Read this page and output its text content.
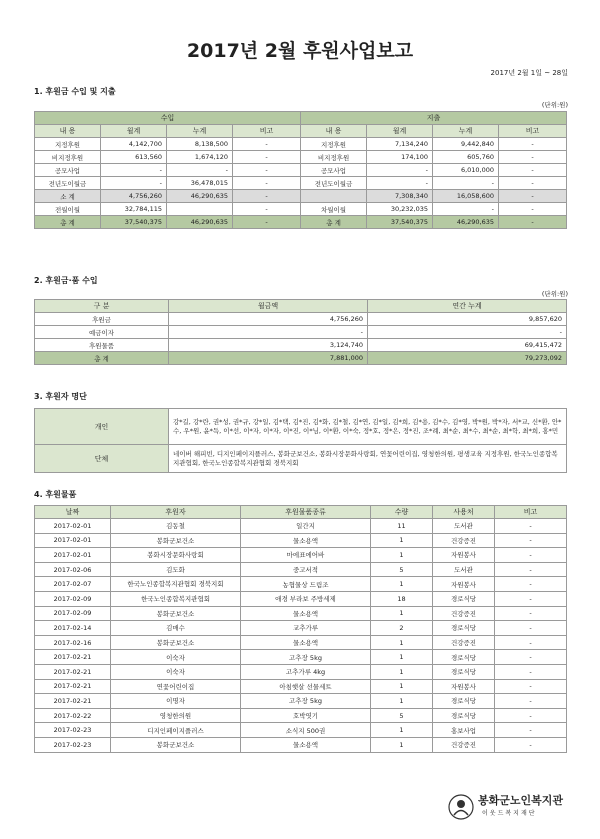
2017년 2월 후원사업보고
2017년 2월 1일 ~ 28일
1. 후원금 수입 및 지출
(단위:원)
수입				지출			
내 용	월계	누계	비고	내 용	월계	누계	비고
지정후원	4,142,700	8,138,500	-	지정후원	7,134,240	9,442,840	-
비지정후원	613,560	1,674,120	-	비지정후원	174,100	605,760	-
공모사업	-	-	-	공모사업	-	6,010,000	-
전년도이월금	-	36,478,015	-	전년도이월금	-	-	-
소 계	4,756,260	46,290,635	-		7,308,340	16,058,600	-
전월이월	32,784,115		-	차월이월	30,232,035	-	-
총 계	37,540,375	46,290,635	-	총 계	37,540,375	46,290,635	-
2. 후원금·품 수입
(단위:원)
구 분	월금액	연간 누계
후원금	4,756,260	9,857,620
예금이자	-	-
후원물품	3,124,740	69,415,472
총 계	7,881,000	79,273,092
3. 후원자 명단
개인	강*길, 강*란, 권*성, 권*규, 강*일, 김*택, 김*진, 김*화, 김*철, 김*연, 김*일, 김*희, 김*용, 김*수, 김*영, 박*원, 박*자, 서*교, 신*환, 안*수, 우*원, 윤*득, 이*선, 이*자, 이*자, 이*진, 이*님, 이*환, 이*숙, 정*호, 정*은, 정*진, 조*례, 최*순, 최*수, 최*순, 최*학, 최*희, 홍*민
단체	네이버 해피빈, 디지인페이지플러스, 봉화군보건소, 봉화시장문화사랑회, 연꽃어린이집, 영청한의원, 평생교육 지정후원, 한국노인종합복지관협회, 한국노인종합복지관협회 경북지회
4. 후원물품
날짜	후원자	후원물품종류	수량	사용처	비고
2017-02-01	김동철	일간지	11	도서관	-
2017-02-01	봉화군보건소	물소용액	1	건강증진	-
2017-02-01	봉화시장문화사랑회	마에표에어바	1	자원봉사	-
2017-02-06	김도화	중고서적	5	도서관	-
2017-02-07	한국노인종합복지관협회 경북지회	농협물상 드림조	1	자원봉사	-
2017-02-09	한국노인종합복지관협회	애경 부라보 주방세제	18	경로식당	-
2017-02-09	봉화군보건소	물소용액	1	건강증진	-
2017-02-14	김매수	교추가루	2	경로식당	-
2017-02-16	봉화군보건소	물소용액	1	건강증진	-
2017-02-21	이숙자	고추장 5kg	1	경로식당	-
2017-02-21	이숙자	고추가루 4kg	1	경로식당	-
2017-02-21	연꽃어린이집	아침햇살 선물세트	1	자원봉사	-
2017-02-21	이명자	고추장 5kg	1	경로식당	-
2017-02-22	영청한의원	호박엿기	5	경로식당	-
2017-02-23	디지인페이지플러스	소식지 500권	1	홍보사업	-
2017-02-23	봉화군보건소	물소용액	1	건강증진	-
봉화군노인복지관
이웃드복지재단
